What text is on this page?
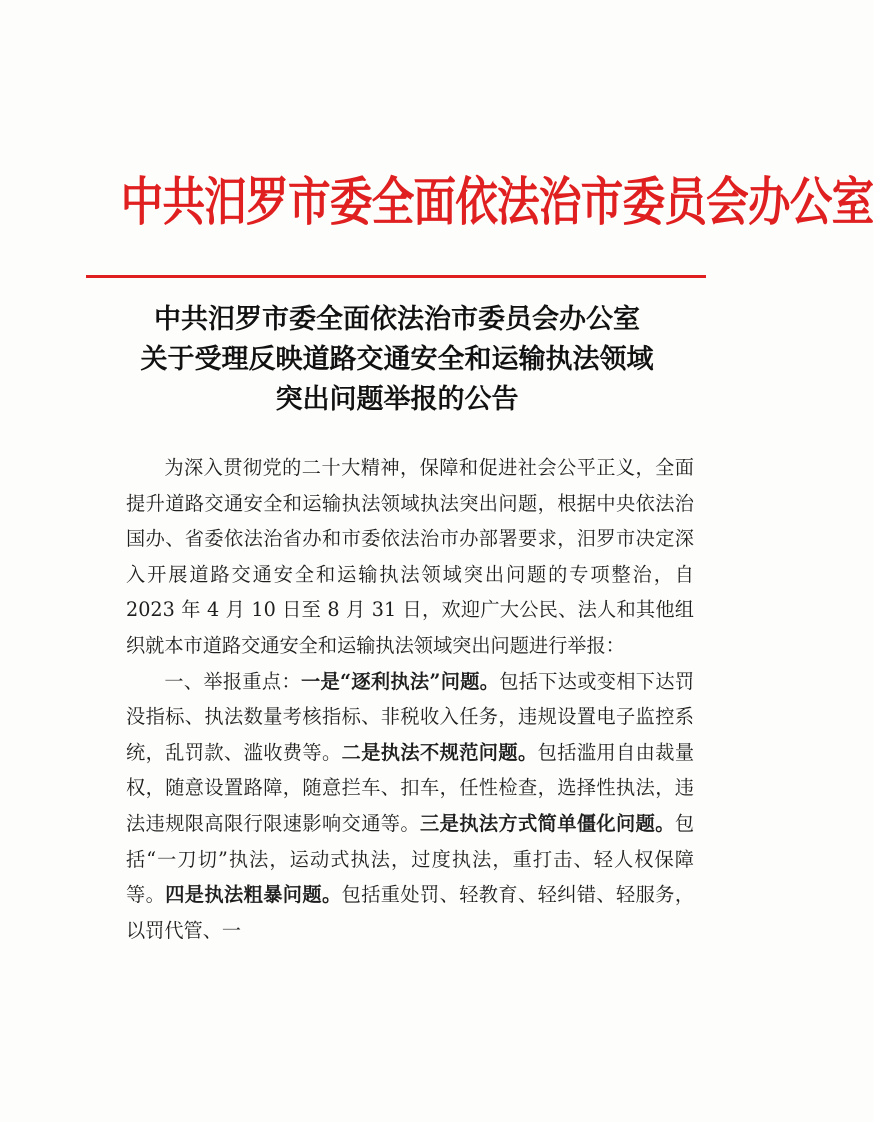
中共汨罗市委全面依法治市委员会办公室
中共汨罗市委全面依法治市委员会办公室
关于受理反映道路交通安全和运输执法领域
突出问题举报的公告

为深入贯彻党的二十大精神，保障和促进社会公平正义，全面提升道路交通安全和运输执法领域执法突出问题，根据中央依法治国办、省委依法治省办和市委依法治市办部署要求，汨罗市决定深入开展道路交通安全和运输执法领域突出问题的专项整治，自 2023 年 4 月 10 日至 8 月 31 日，欢迎广大公民、法人和其他组织就本市道路交通安全和运输执法领域突出问题进行举报：

一、举报重点：一是“逐利执法”问题。包括下达或变相下达罚没指标、执法数量考核指标、非税收入任务，违规设置电子监控系统，乱罚款、滥收费等。二是执法不规范问题。包括滥用自由裁量权，随意设置路障，随意拦车、扣车，任性检查，选择性执法，违法违规限高限行限速影响交通等。三是执法方式简单僵化问题。包括“一刀切”执法，运动式执法，过度执法，重打击、轻人权保障等。四是执法粗暴问题。包括重处罚、轻教育、轻纠错、轻服务，以罚代管、一
